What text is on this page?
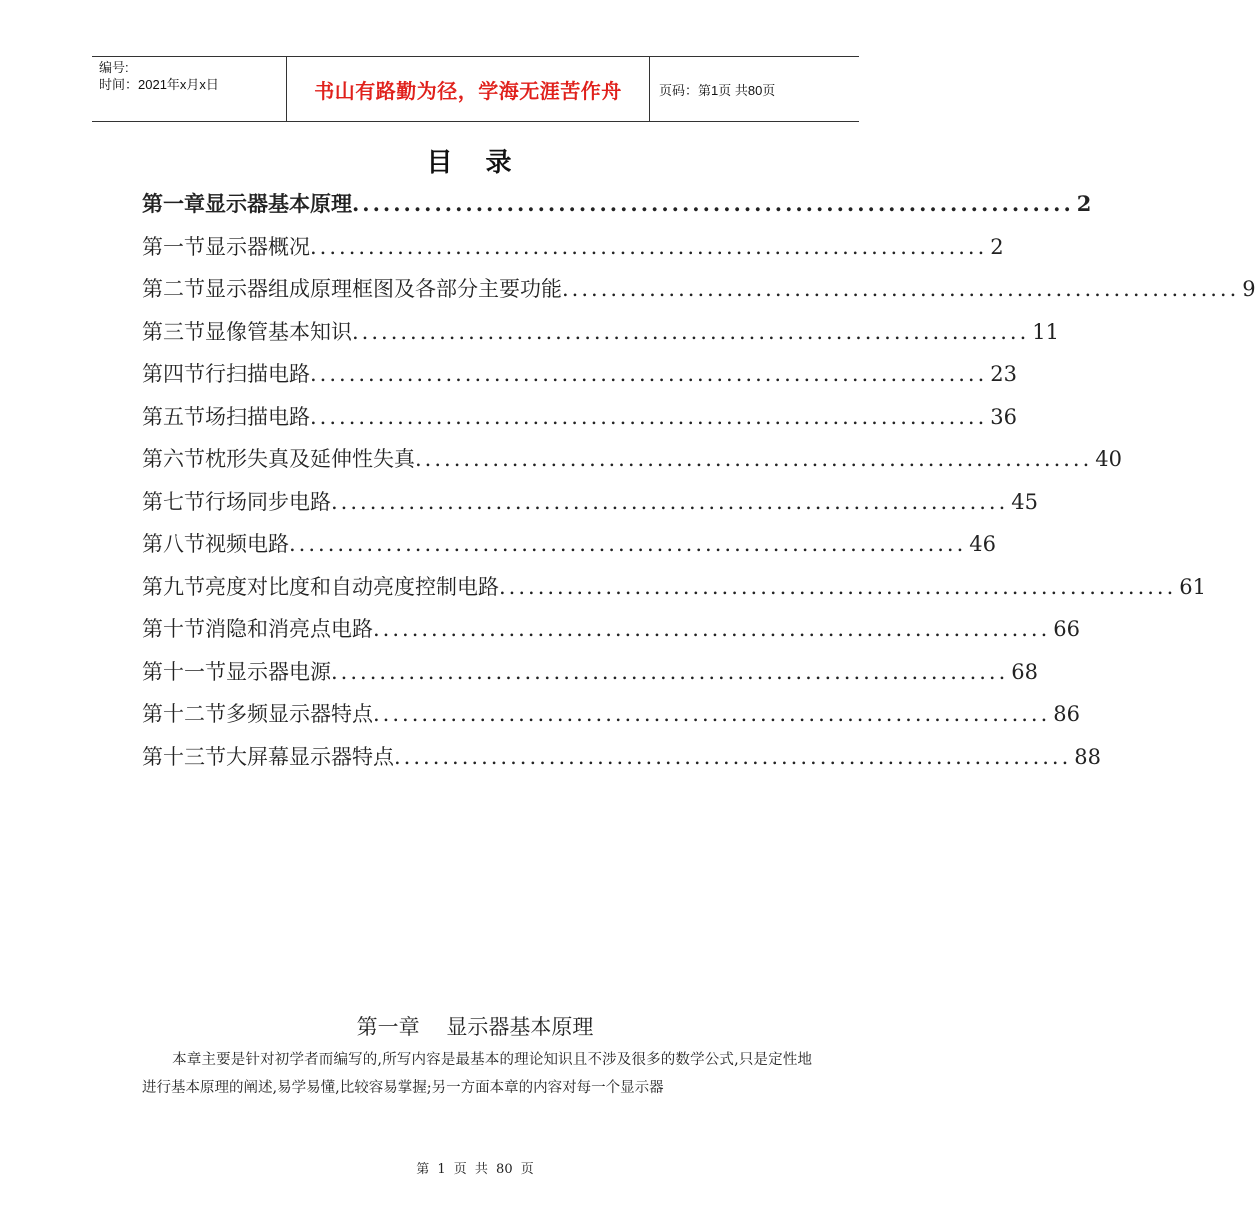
编号:
时间：2021年x月x日	书山有路勤为径，学海无涯苦作舟	页码：第1页 共80页
目 录
第一章 显示器基本原理 ...................................................................... 2
第一节 显示器概况 ...................................................................... 2
第二节 显示器组成原理框图及各部分主要功能 ...................................................................... 9
第三节 显像管基本知识 ...................................................................... 11
第四节 行扫描电路 ...................................................................... 23
第五节 场扫描电路 ...................................................................... 36
第六节 枕形失真及延伸性失真 ...................................................................... 40
第七节 行场同步电路 ...................................................................... 45
第八节 视频电路 ...................................................................... 46
第九节 亮度对比度和自动亮度控制电路 ...................................................................... 61
第十节 消隐和消亮点电路 ...................................................................... 66
第十一节 显示器电源 ...................................................................... 68
第十二节 多频显示器特点 ...................................................................... 86
第十三节 大屏幕显示器特点 ...................................................................... 88
第一章 显示器基本原理
本章主要是针对初学者而编写的,所写内容是最基本的理论知识且不涉及很多的数学公式,只是定性地进行基本原理的阐述,易学易懂,比较容易掌握;另一方面本章的内容对每一个显示器
第 1 页 共 80 页
